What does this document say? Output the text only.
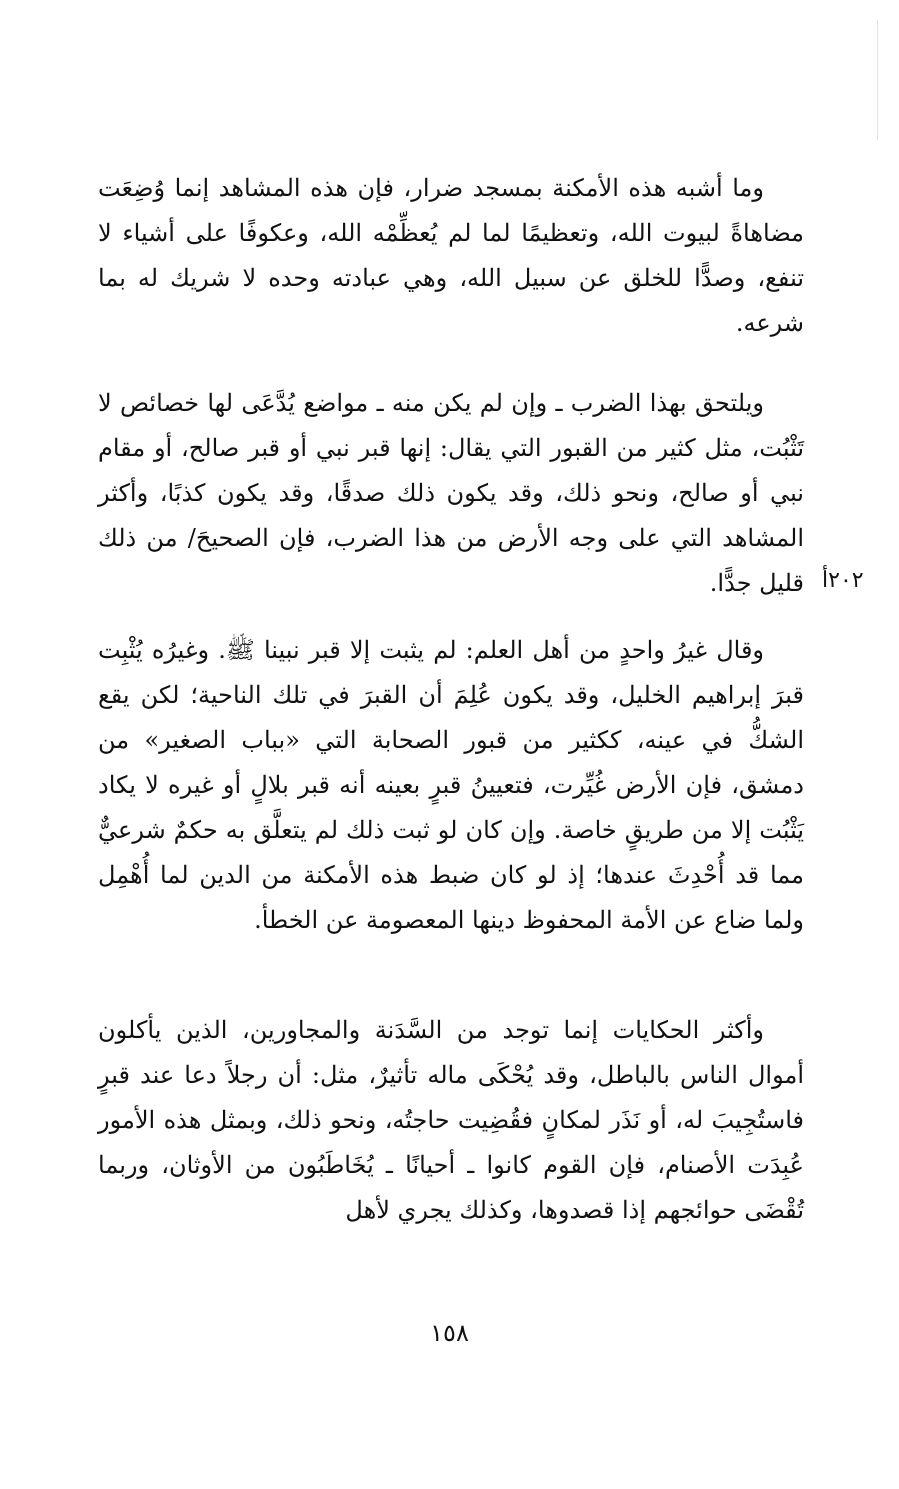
وما أشبه هذه الأمكنة بمسجد ضرار، فإن هذه المشاهد إنما وُضِعَت مضاهاةً لبيوت الله، وتعظيمًا لما لم يُعظِّمْه الله، وعكوفًا على أشياء لا تنفع، وصدًّا للخلق عن سبيل الله، وهي عبادته وحده لا شريك له بما شرعه.

ويلتحق بهذا الضرب ـ وإن لم يكن منه ـ مواضع يُدَّعَى لها خصائص لا تَثْبُت، مثل كثير من القبور التي يقال: إنها قبر نبي أو قبر صالح، أو مقام نبي أو صالح، ونحو ذلك، وقد يكون ذلك صدقًا، وقد يكون كذبًا، وأكثر المشاهد التي على وجه الأرض من هذا الضرب، فإن الصحيحَ/ من ذلك قليل جدًّا. ٢٠٢أ

وقال غيرُ واحدٍ من أهل العلم: لم يثبت إلا قبر نبينا ﷺ. وغيرُه يُثْبِت قبرَ إبراهيم الخليل، وقد يكون عُلِمَ أن القبرَ في تلك الناحية؛ لكن يقع الشكُّ في عينه، ككثير من قبور الصحابة التي «بباب الصغير» من دمشق، فإن الأرض غُيِّرت، فتعيينُ قبرٍ بعينه أنه قبر بلالٍ أو غيره لا يكاد يَثْبُت إلا من طريقٍ خاصة. وإن كان لو ثبت ذلك لم يتعلَّق به حكمٌ شرعيٌّ مما قد أُحْدِثَ عندها؛ إذ لو كان ضبط هذه الأمكنة من الدين لما أُهْمِل ولما ضاع عن الأمة المحفوظ دينها المعصومة عن الخطأ.

وأكثر الحكايات إنما توجد من السَّدَنة والمجاورين، الذين يأكلون أموال الناس بالباطل، وقد يُحْكَى ماله تأثيرٌ، مثل: أن رجلاً دعا عند قبرٍ فاستُجِيبَ له، أو نَذَر لمكانٍ فقُضِيت حاجتُه، ونحو ذلك، وبمثل هذه الأمور عُبِدَت الأصنام، فإن القوم كانوا ـ أحيانًا ـ يُخَاطَبُون من الأوثان، وربما تُقْضَى حوائجهم إذا قصدوها، وكذلك يجري لأهل

١٥٨
